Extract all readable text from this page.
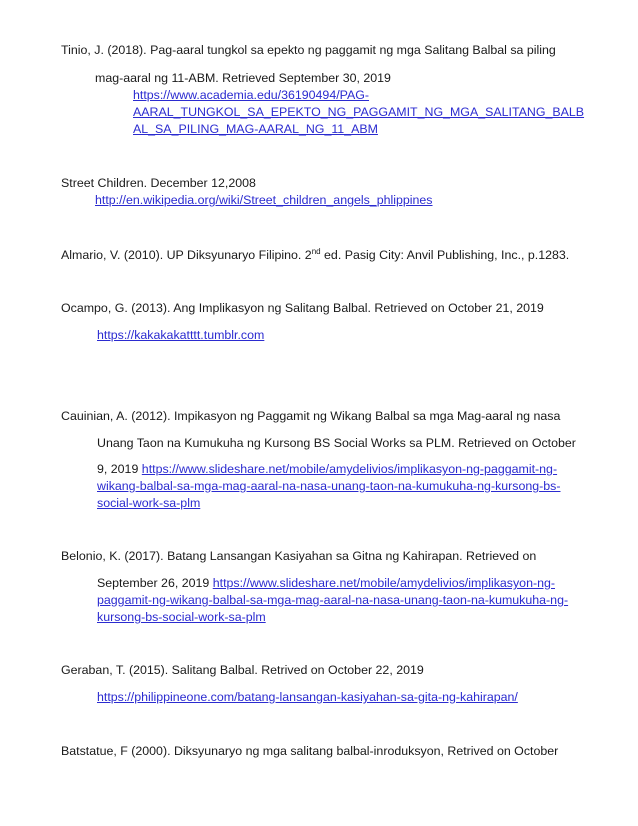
Tinio, J. (2018). Pag-aaral tungkol sa epekto ng paggamit ng mga Salitang Balbal sa piling
mag-aaral ng 11-ABM. Retrieved September 30, 2019
https://www.academia.edu/36190494/PAG-
AARAL_TUNGKOL_SA_EPEKTO_NG_PAGGAMIT_NG_MGA_SALITANG_BALB
AL_SA_PILING_MAG-AARAL_NG_11_ABM
Street Children. December 12,2008
http://en.wikipedia.org/wiki/Street_children_angels_phlippines
Almario, V. (2010). UP Diksyunaryo Filipino. 2nd ed. Pasig City: Anvil Publishing, Inc., p.1283.
Ocampo, G. (2013). Ang Implikasyon ng Salitang Balbal. Retrieved on October 21, 2019
https://kakakakatttt.tumblr.com
Cauinian, A. (2012). Impikasyon ng Paggamit ng Wikang Balbal sa mga Mag-aaral ng nasa
Unang Taon na Kumukuha ng Kursong BS Social Works sa PLM. Retrieved on October
9, 2019 https://www.slideshare.net/mobile/amydelivios/implikasyon-ng-paggamit-ng-
wikang-balbal-sa-mga-mag-aaral-na-nasa-unang-taon-na-kumukuha-ng-kursong-bs-
social-work-sa-plm
Belonio, K. (2017). Batang Lansangan Kasiyahan sa Gitna ng Kahirapan. Retrieved on
September 26, 2019 https://www.slideshare.net/mobile/amydelivios/implikasyon-ng-
paggamit-ng-wikang-balbal-sa-mga-mag-aaral-na-nasa-unang-taon-na-kumukuha-ng-
kursong-bs-social-work-sa-plm
Geraban, T. (2015). Salitang Balbal. Retrived on October 22, 2019
https://philippineone.com/batang-lansangan-kasiyahan-sa-gita-ng-kahirapan/
Batstatue, F (2000). Diksyunaryo ng mga salitang balbal-inroduksyon, Retrived on October
